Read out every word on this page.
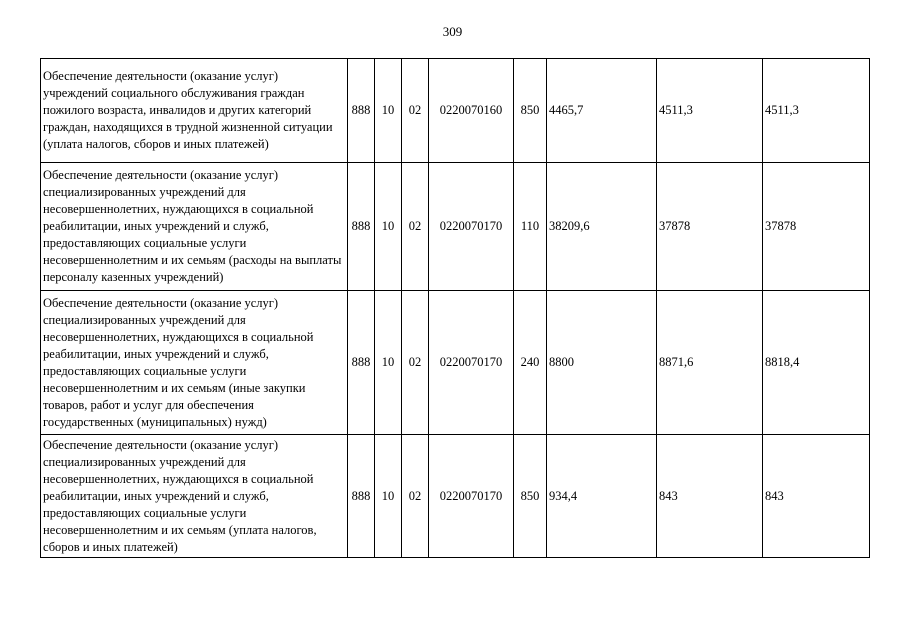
309
Обеспечение деятельности (оказание услуг) учреждений социального обслуживания граждан пожилого возраста, инвалидов и других категорий граждан, находящихся в трудной жизненной ситуации (уплата налогов, сборов и иных платежей)	888	10	02	0220070160	850	4465,7	4511,3	4511,3
Обеспечение деятельности (оказание услуг) специализированных учреждений для несовершеннолетних, нуждающихся в социальной реабилитации, иных учреждений и служб, предоставляющих социальные услуги несовершеннолетним и их семьям (расходы на выплаты персоналу казенных учреждений)	888	10	02	0220070170	110	38209,6	37878	37878
Обеспечение деятельности (оказание услуг) специализированных учреждений для несовершеннолетних, нуждающихся в социальной реабилитации, иных учреждений и служб, предоставляющих социальные услуги несовершеннолетним и их семьям (иные закупки товаров, работ и услуг для обеспечения государственных (муниципальных) нужд)	888	10	02	0220070170	240	8800	8871,6	8818,4
Обеспечение деятельности (оказание услуг) специализированных учреждений для несовершеннолетних, нуждающихся в социальной реабилитации, иных учреждений и служб, предоставляющих социальные услуги несовершеннолетним и их семьям (уплата налогов, сборов и иных платежей)	888	10	02	0220070170	850	934,4	843	843
